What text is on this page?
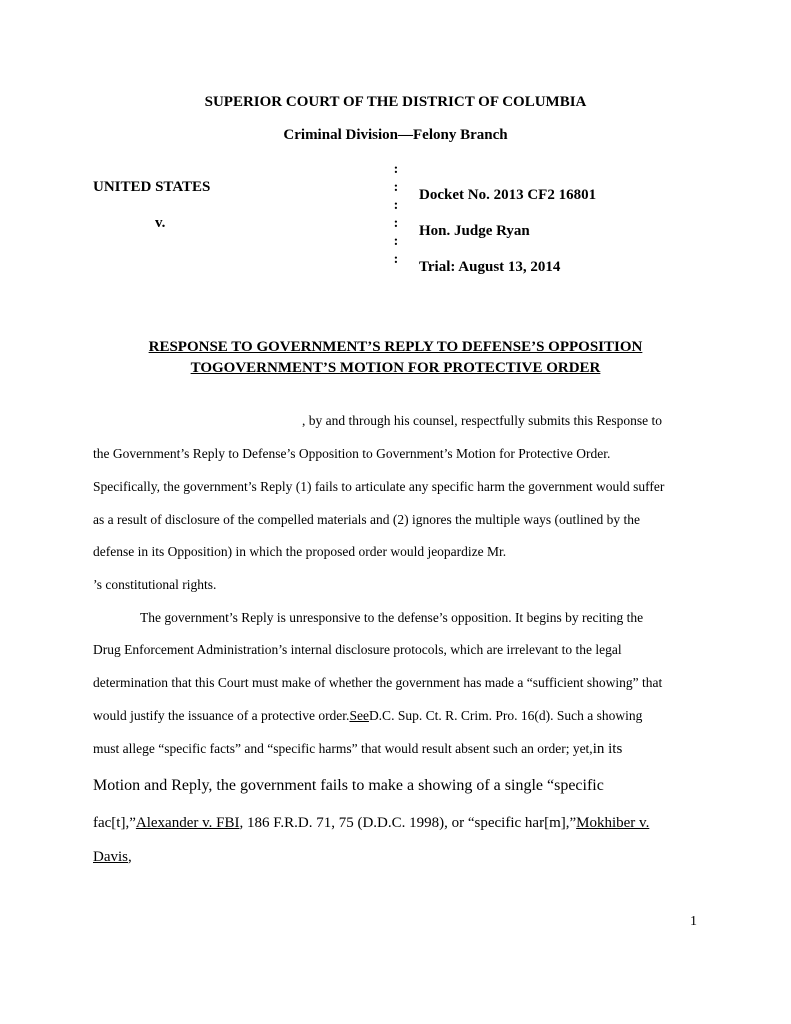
SUPERIOR COURT OF THE DISTRICT OF COLUMBIA
Criminal Division—Felony Branch
UNITED STATES
v.
:
:
:
:
:
:
Docket No. 2013 CF2 16801
Hon. Judge Ryan
Trial: August 13, 2014
RESPONSE TO GOVERNMENT’S REPLY TO DEFENSE’S OPPOSITION
TOGOVERNMENT’S MOTION FOR PROTECTIVE ORDER
, by and through his counsel, respectfully submits this Response to
the Government’s Reply to Defense’s Opposition to Government’s Motion for Protective Order.
Specifically, the government’s Reply (1) fails to articulate any specific harm the government would suffer
as a result of disclosure of the compelled materials and (2) ignores the multiple ways (outlined by the
defense in its Opposition) in which the proposed order would jeopardize Mr.
’s constitutional rights.
The government’s Reply is unresponsive to the defense’s opposition. It begins by reciting the
Drug Enforcement Administration’s internal disclosure protocols, which are irrelevant to the legal
determination that this Court must make of whether the government has made a “sufficient showing” that
would justify the issuance of a protective order.SeeD.C. Sup. Ct. R. Crim. Pro. 16(d). Such a showing
must allege “specific facts” and “specific harms” that would result absent such an order; yet,in its
Motion and Reply, the government fails to make a showing of a single “specific
fac[t],”Alexander v. FBI, 186 F.R.D. 71, 75 (D.D.C. 1998), or “specific har[m],”Mokhiber v.
Davis,
1
